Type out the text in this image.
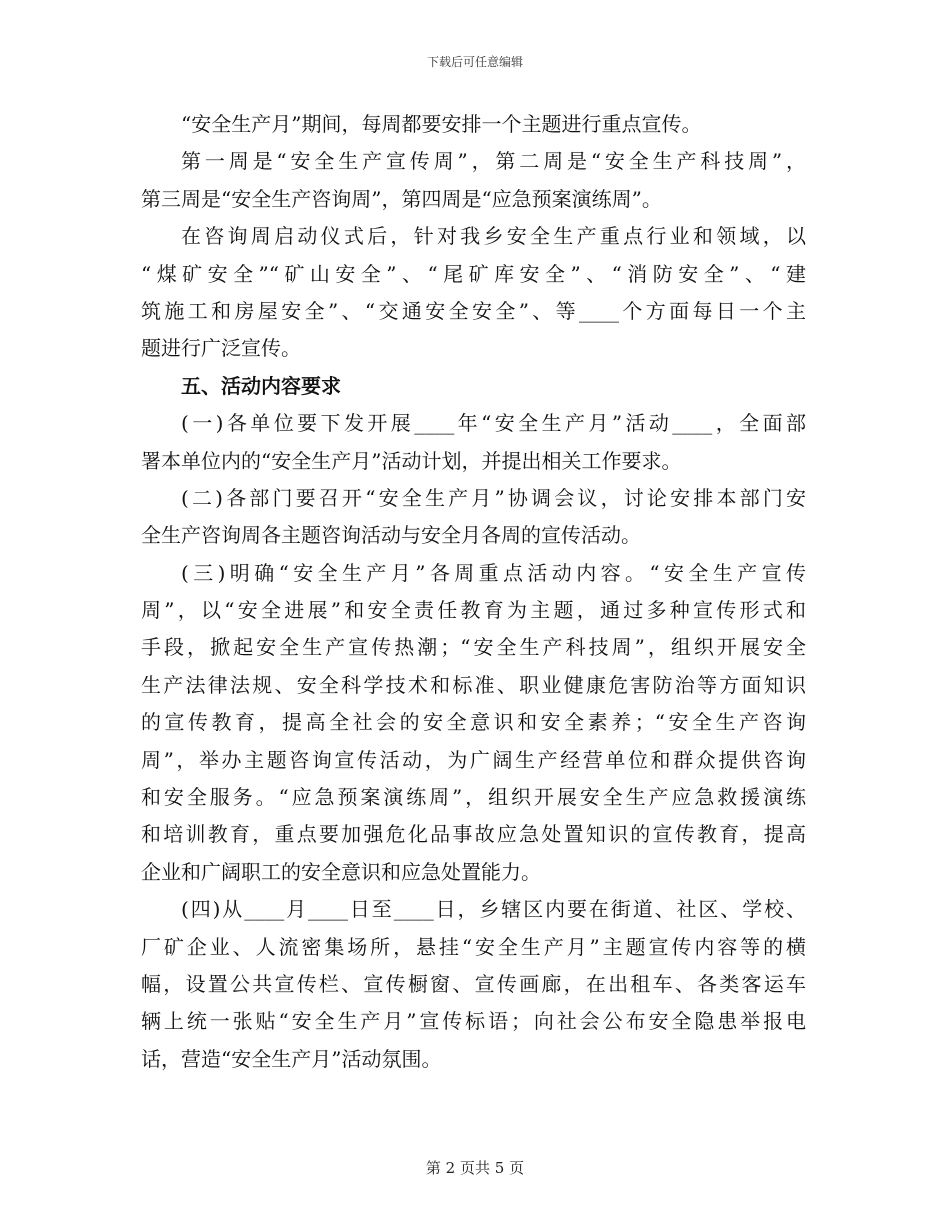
下载后可任意编辑
“安全生产月”期间，每周都要安排一个主题进行重点宣传。
第一周是“安全生产宣传周”，第二周是“安全生产科技周”，
第三周是“安全生产咨询周”，第四周是“应急预案演练周”。
在咨询周启动仪式后，针对我乡安全生产重点行业和领域，以
“煤矿安全”“矿山安全”、“尾矿库安全”、“消防安全”、“建
筑施工和房屋安全”、“交通安全安全”、等____个方面每日一个主
题进行广泛宣传。
五、活动内容要求
(一)各单位要下发开展____年“安全生产月”活动____，全面部
署本单位内的“安全生产月”活动计划，并提出相关工作要求。
(二)各部门要召开“安全生产月”协调会议，讨论安排本部门安
全生产咨询周各主题咨询活动与安全月各周的宣传活动。
(三)明确“安全生产月”各周重点活动内容。“安全生产宣传
周”，以“安全进展”和安全责任教育为主题，通过多种宣传形式和
手段，掀起安全生产宣传热潮；“安全生产科技周”，组织开展安全
生产法律法规、安全科学技术和标准、职业健康危害防治等方面知识
的宣传教育，提高全社会的安全意识和安全素养；“安全生产咨询
周”，举办主题咨询宣传活动，为广阔生产经营单位和群众提供咨询
和安全服务。“应急预案演练周”，组织开展安全生产应急救援演练
和培训教育，重点要加强危化品事故应急处置知识的宣传教育，提高
企业和广阔职工的安全意识和应急处置能力。
(四)从____月____日至____日，乡辖区内要在街道、社区、学校、
厂矿企业、人流密集场所，悬挂“安全生产月”主题宣传内容等的横
幅，设置公共宣传栏、宣传橱窗、宣传画廊，在出租车、各类客运车
辆上统一张贴“安全生产月”宣传标语；向社会公布安全隐患举报电
话，营造“安全生产月”活动氛围。
第 2 页共 5 页
